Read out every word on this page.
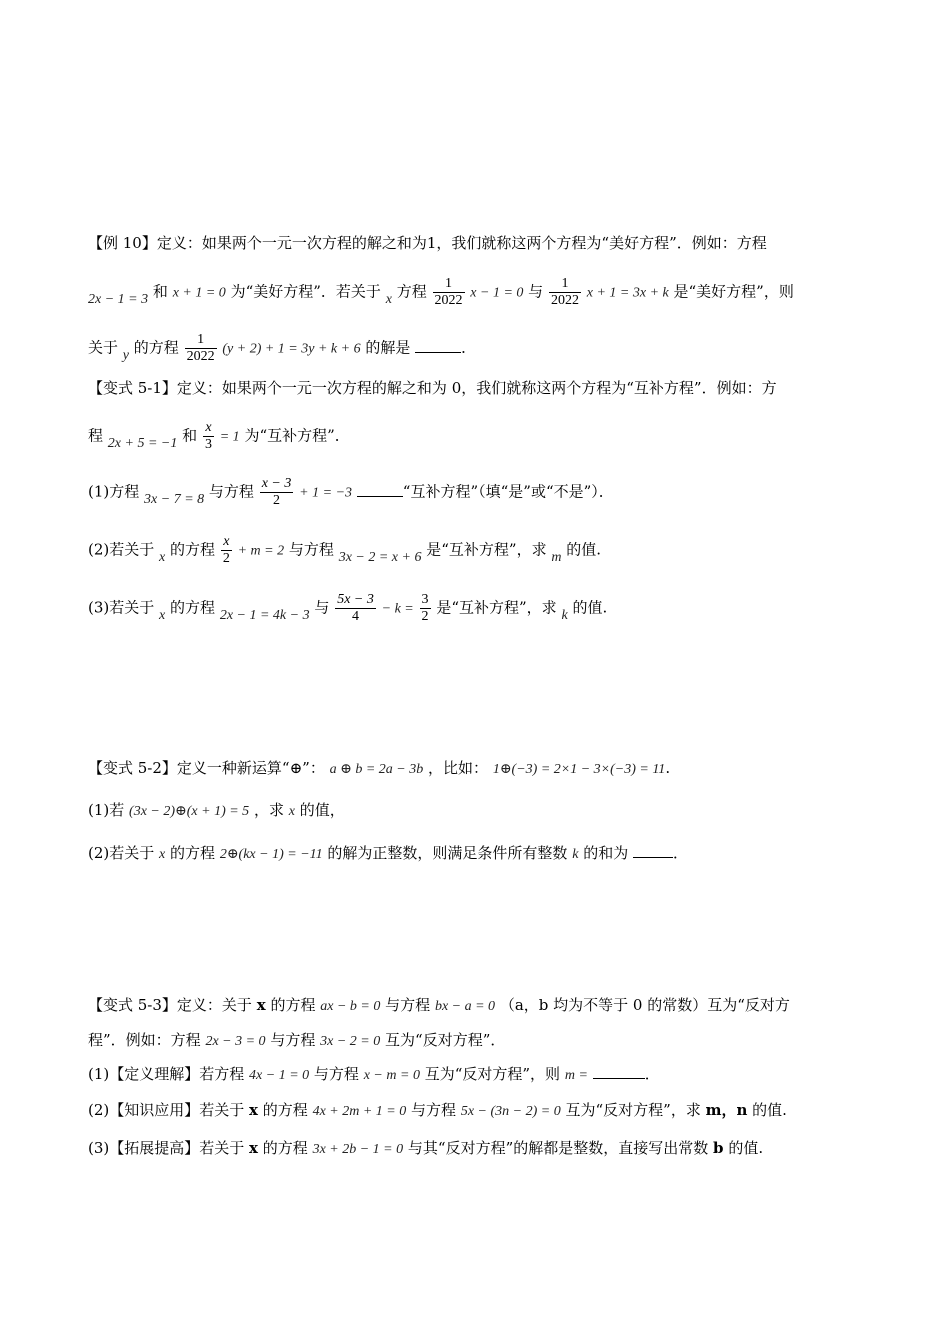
【例 10】定义：如果两个一元一次方程的解之和为1，我们就称这两个方程为“美好方程”．例如：方程
2x − 1 = 3 和 x + 1 = 0 为“美好方程”．若关于 x 方程 $\frac{1}{2022}$ x − 1 = 0 与 $\frac{1}{2022}$ x + 1 = 3x + k 是“美好方程”，则
关于 y 的方程 $\frac{1}{2022} (y + 2) + 1 = 3y + k + 6$ 的解是	．
【变式 5-1】定义：如果两个一元一次方程的解之和为 0，我们就称这两个方程为“互补方程”．例如：方
程 2x + 5 = −1 和 $\frac{x}{3} = 1$ 为“互补方程”．
(1)方程 3x − 7 = 8 与方程 $\frac{x - 3}{2} + 1 = -3$	“互补方程”（填“是”或“不是”）．
(2)若关于 x 的方程 $\frac{x}{2} + m = 2$ 与方程 3x − 2 = x + 6 是“互补方程”，求 m 的值.
(3)若关于 x 的方程 2x − 1 = 4k − 3 与 $\frac{5x - 3}{4} - k = \frac{3}{2}$ 是“互补方程”，求 k 的值.
【变式 5-2】定义一种新运算“⊕”： a ⊕ b = 2a − 3b ，比如： 1⊕(−3) = 2×1 − 3×(−3) = 11.
(1)若 (3x − 2)⊕(x + 1) = 5 ，求 x 的值，
(2)若关于 x 的方程 2⊕(kx − 1) = −11 的解为正整数，则满足条件所有整数 k 的和为	．
【变式 5-3】定义：关于 x 的方程 ax − b = 0 与方程 bx − a = 0 （a，b 均为不等于 0 的常数）互为“反对方
程”．例如：方程 2x − 3 = 0 与方程 3x − 2 = 0 互为“反对方程”．
(1)【定义理解】若方程 4x − 1 = 0 与方程 x − m = 0 互为“反对方程”，则 m =	．
(2)【知识应用】若关于 x 的方程 4x + 2m + 1 = 0 与方程 5x − (3n − 2) = 0 互为“反对方程”，求 m，n 的值.
(3)【拓展提高】若关于 x 的方程 3x + 2b − 1 = 0 与其“反对方程”的解都是整数，直接写出常数 b 的值.
